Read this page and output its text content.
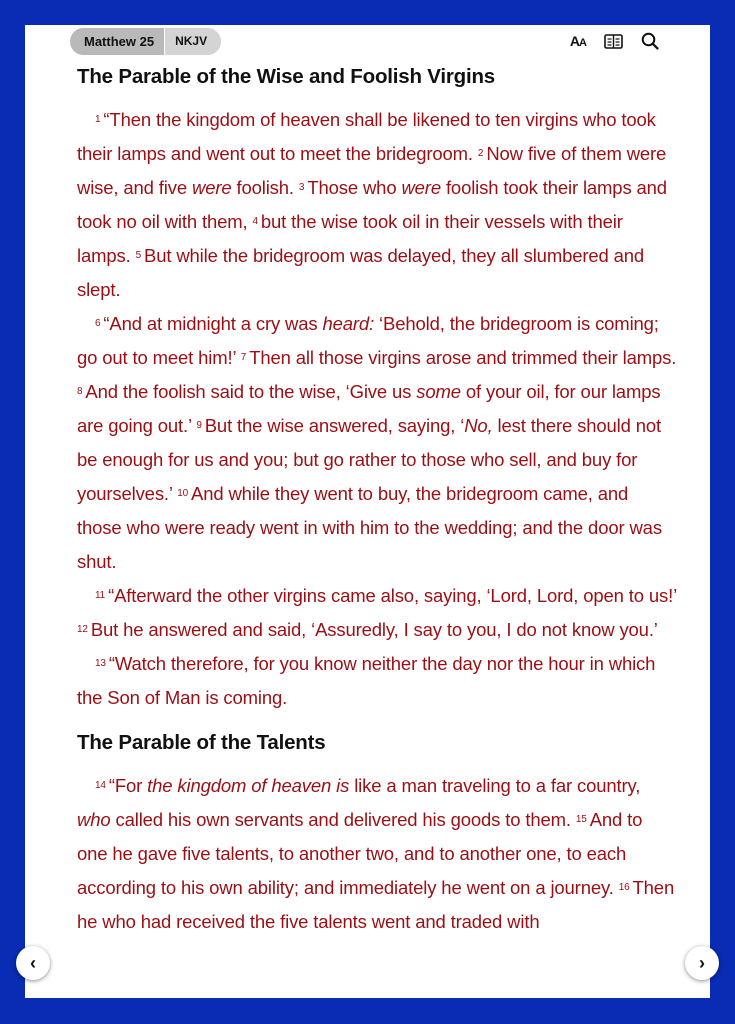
Matthew 25	NKJV	AA
The Parable of the Wise and Foolish Virgins

$^1$ “Then the kingdom of heaven shall be likened to ten virgins who took their lamps and went out to meet the bridegroom. $^2$ Now five of them were wise, and five were foolish. $^3$ Those who were foolish took their lamps and took no oil with them, $^4$ but the wise took oil in their vessels with their lamps. $^5$ But while the bridegroom was delayed, they all slumbered and slept.

$^6$ “And at midnight a cry was heard: ‘Behold, the bridegroom is coming; go out to meet him!’ $^7$ Then all those virgins arose and trimmed their lamps. $^8$ And the foolish said to the wise, ‘Give us some of your oil, for our lamps are going out.’ $^9$ But the wise answered, saying, ‘No, lest there should not be enough for us and you; but go rather to those who sell, and buy for yourselves.’ $^{10}$ And while they went to buy, the bridegroom came, and those who were ready went in with him to the wedding; and the door was shut.

$^{11}$ “Afterward the other virgins came also, saying, ‘Lord, Lord, open to us!’ $^{12}$ But he answered and said, ‘Assuredly, I say to you, I do not know you.’

$^{13}$ “Watch therefore, for you know neither the day nor the hour in which the Son of Man is coming.

The Parable of the Talents

$^{14}$ “For the kingdom of heaven is like a man traveling to a far country, who called his own servants and delivered his goods to them. $^{15}$ And to one he gave five talents, to another two, and to another one, to each according to his own ability; and immediately he went on a journey. $^{16}$ Then he who had received the five talents went and traded with

‹	›
